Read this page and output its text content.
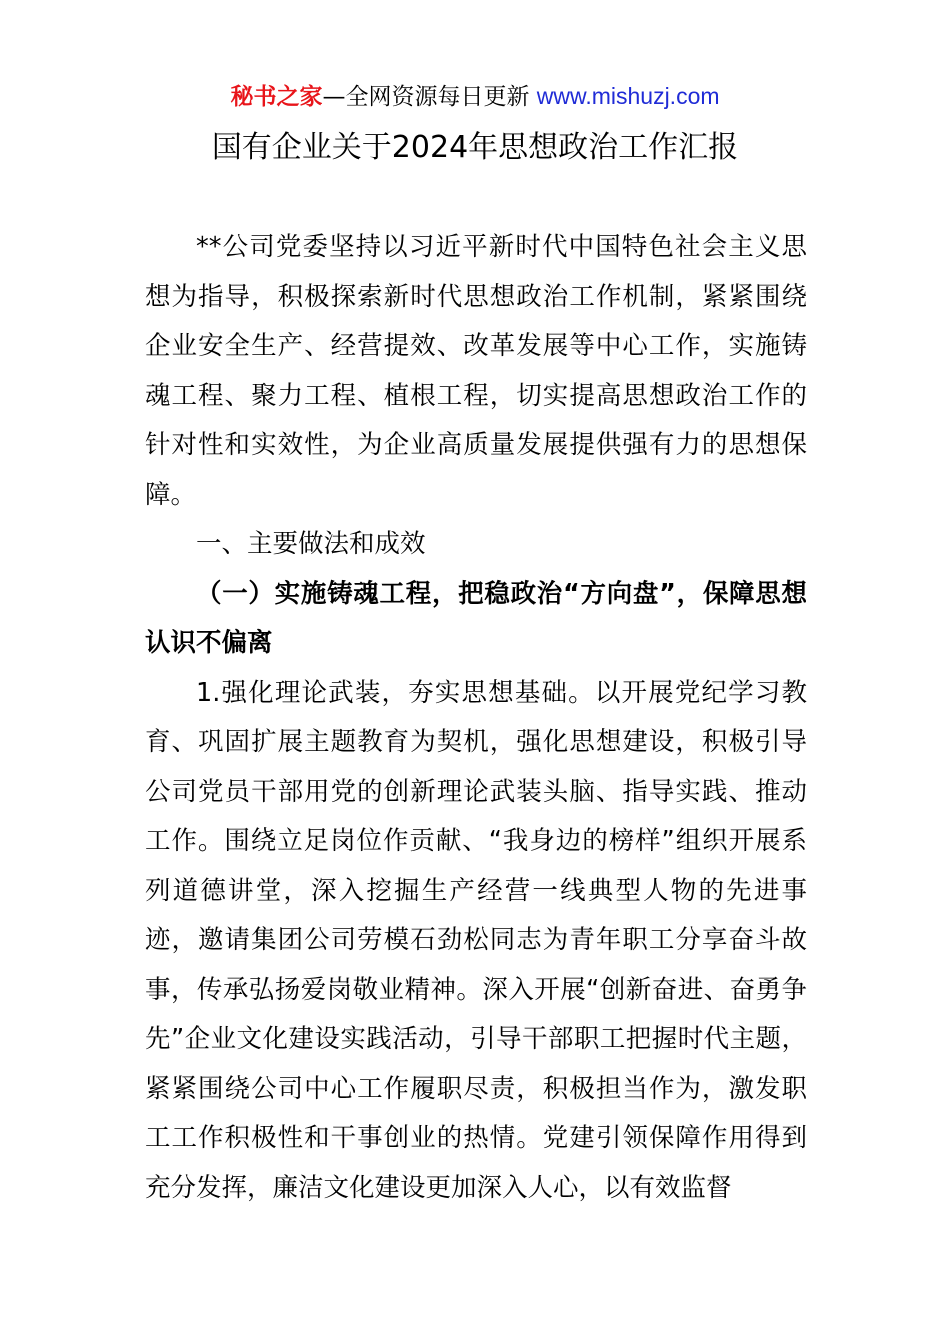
秘书之家—全网资源每日更新 www.mishuzj.com
国有企业关于2024年思想政治工作汇报

**公司党委坚持以习近平新时代中国特色社会主义思想为指导，积极探索新时代思想政治工作机制，紧紧围绕企业安全生产、经营提效、改革发展等中心工作，实施铸魂工程、聚力工程、植根工程，切实提高思想政治工作的针对性和实效性，为企业高质量发展提供强有力的思想保障。

一、主要做法和成效

（一）实施铸魂工程，把稳政治“方向盘”，保障思想认识不偏离

1.强化理论武装，夯实思想基础。以开展党纪学习教育、巩固扩展主题教育为契机，强化思想建设，积极引导公司党员干部用党的创新理论武装头脑、指导实践、推动工作。围绕立足岗位作贡献、“我身边的榜样”组织开展系列道德讲堂，深入挖掘生产经营一线典型人物的先进事迹，邀请集团公司劳模石劲松同志为青年职工分享奋斗故事，传承弘扬爱岗敬业精神。深入开展“创新奋进、奋勇争先”企业文化建设实践活动，引导干部职工把握时代主题，紧紧围绕公司中心工作履职尽责，积极担当作为，激发职工工作积极性和干事创业的热情。党建引领保障作用得到充分发挥，廉洁文化建设更加深入人心，以有效监督
